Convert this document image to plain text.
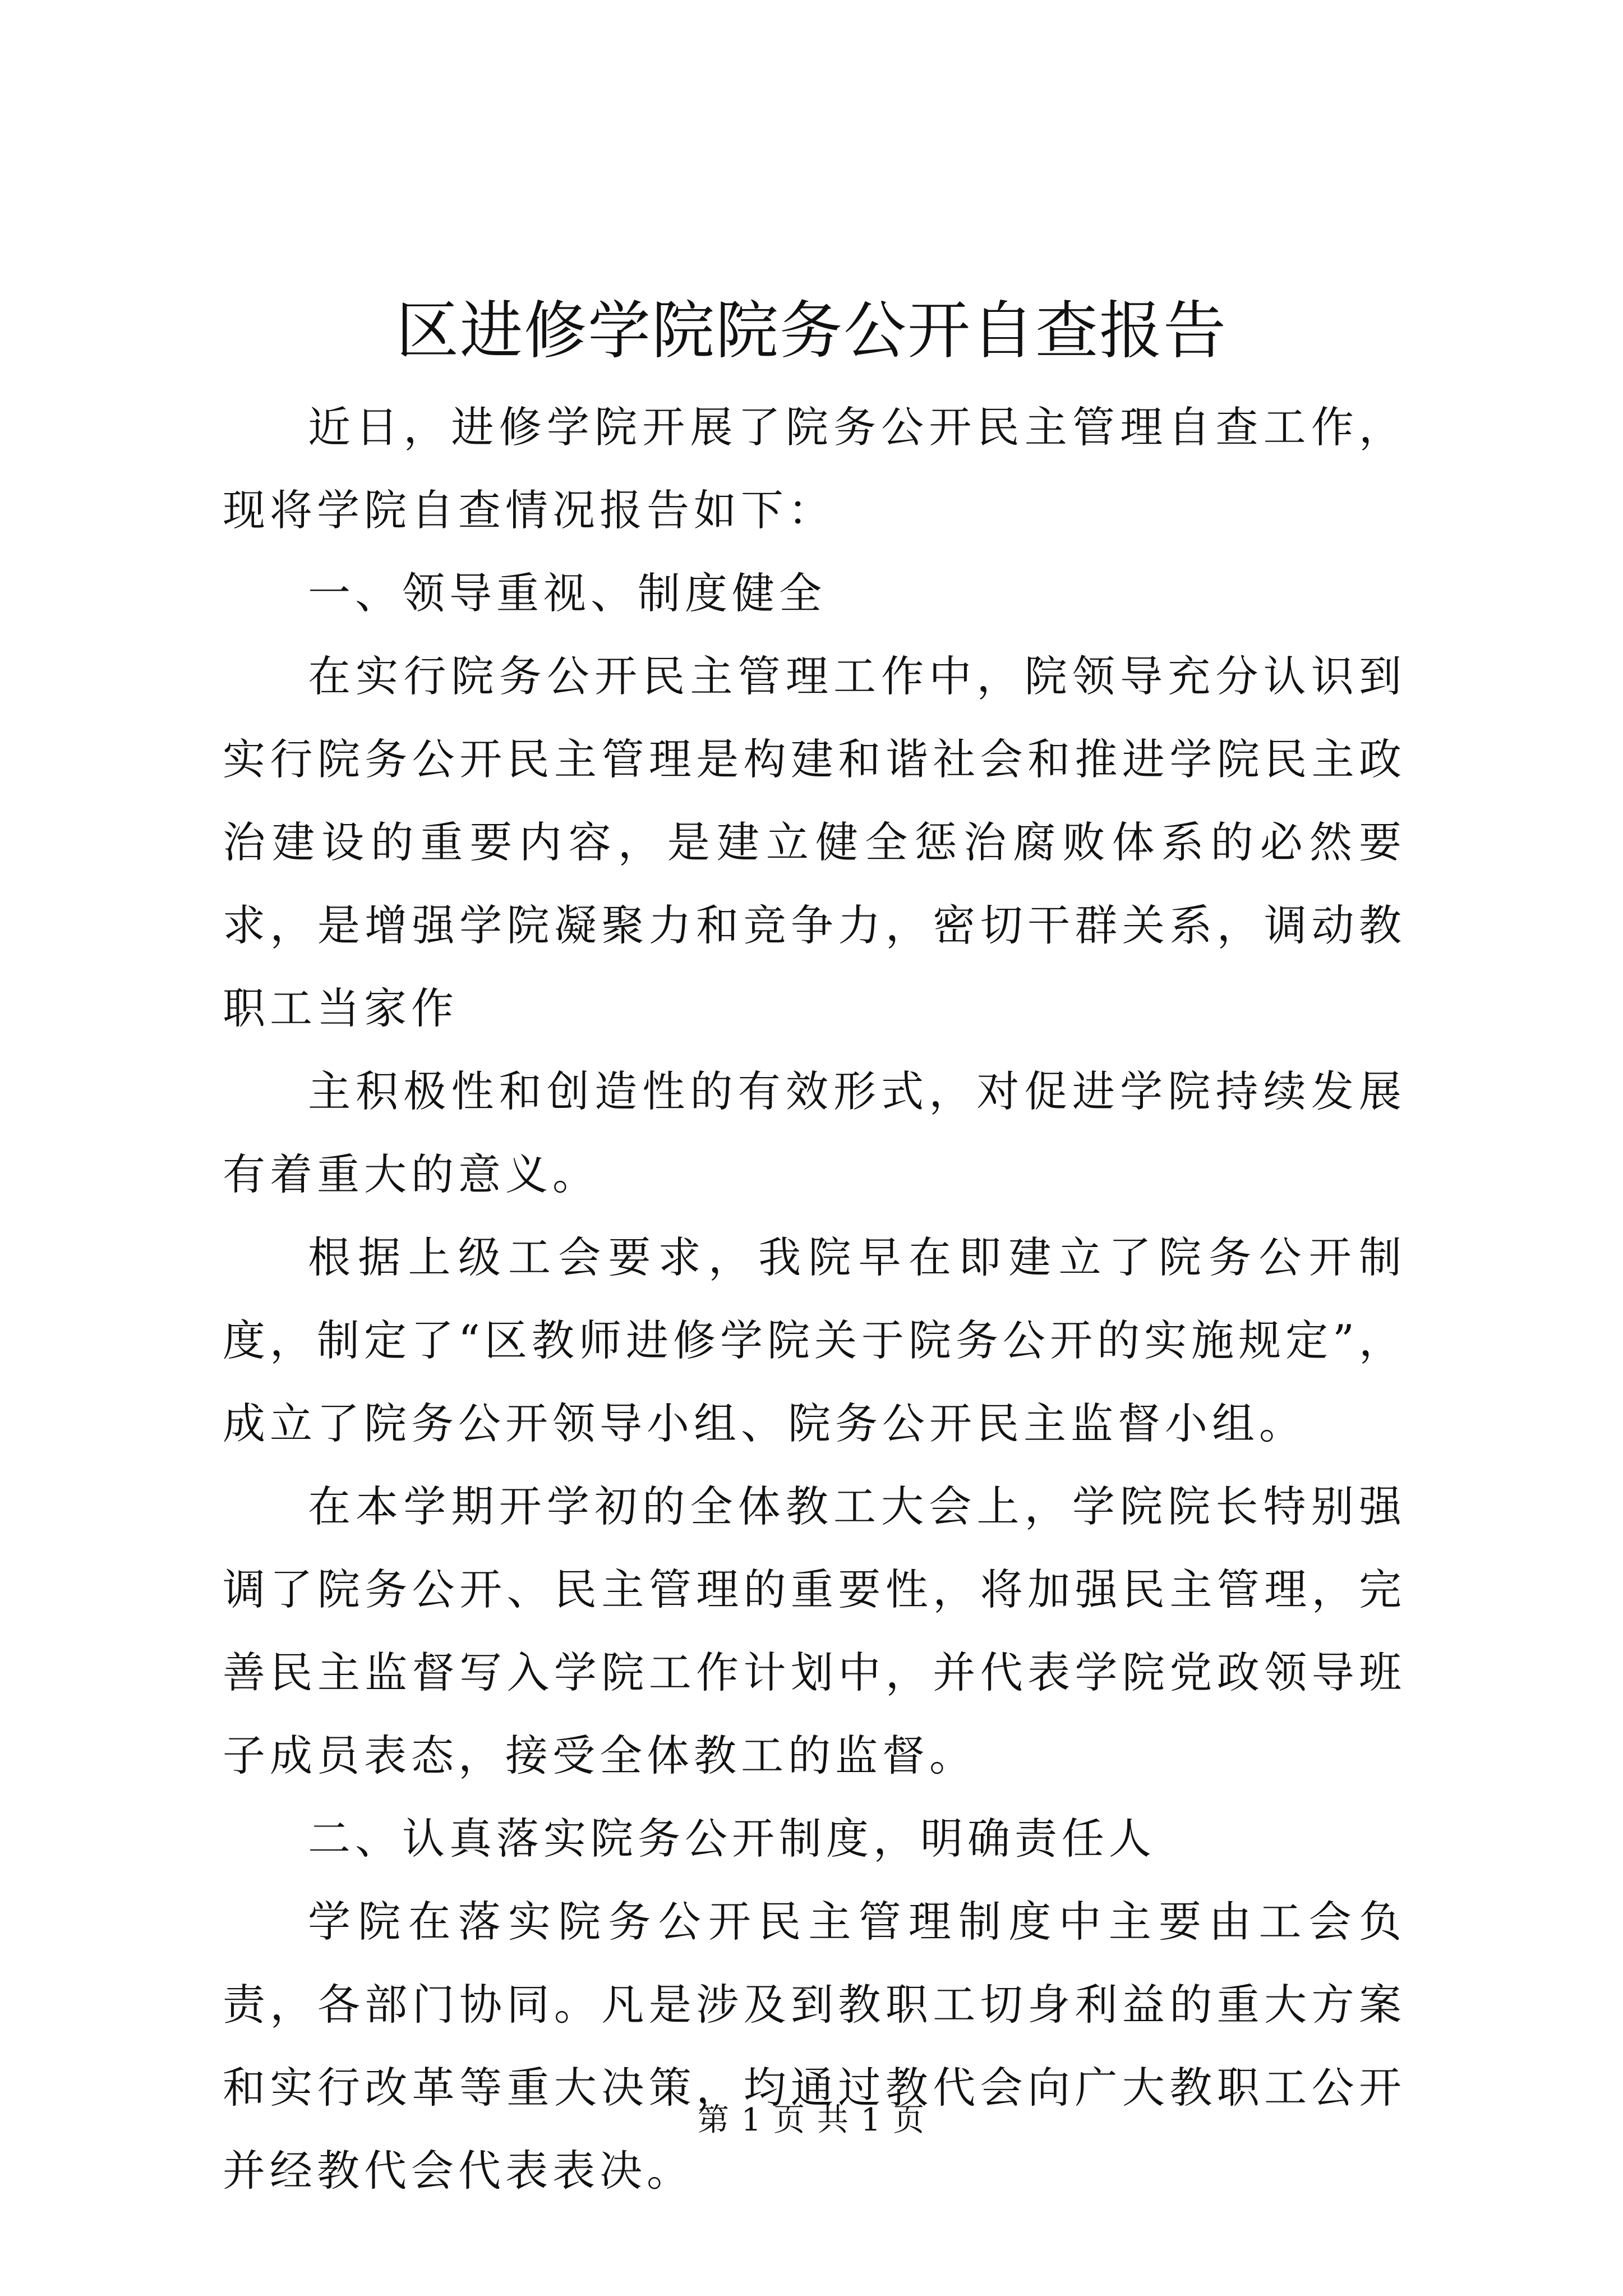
区进修学院院务公开自查报告

近日，进修学院开展了院务公开民主管理自查工作，现将学院自查情况报告如下：

一、领导重视、制度健全

在实行院务公开民主管理工作中，院领导充分认识到实行院务公开民主管理是构建和谐社会和推进学院民主政治建设的重要内容，是建立健全惩治腐败体系的必然要求，是增强学院凝聚力和竞争力，密切干群关系，调动教职工当家作

主积极性和创造性的有效形式，对促进学院持续发展有着重大的意义。

根据上级工会要求，我院早在即建立了院务公开制度，制定了“区教师进修学院关于院务公开的实施规定”，成立了院务公开领导小组、院务公开民主监督小组。

在本学期开学初的全体教工大会上，学院院长特别强调了院务公开、民主管理的重要性，将加强民主管理，完善民主监督写入学院工作计划中，并代表学院党政领导班子成员表态，接受全体教工的监督。

二、认真落实院务公开制度，明确责任人

学院在落实院务公开民主管理制度中主要由工会负责，各部门协同。凡是涉及到教职工切身利益的重大方案和实行改革等重大决策，均通过教代会向广大教职工公开并经教代会代表表决。

第 1 页 共 1 页
